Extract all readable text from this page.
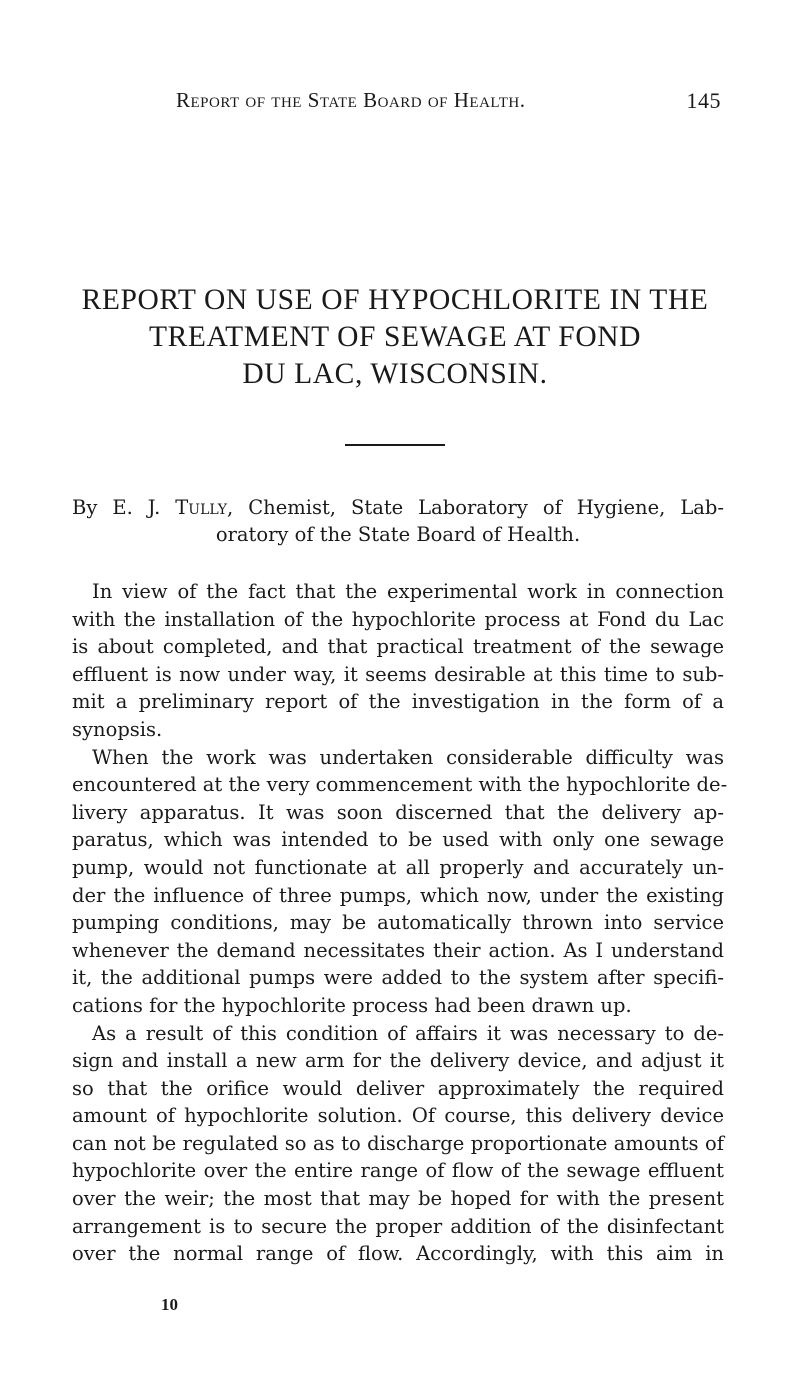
Report of the State Board of Health.	145
REPORT ON USE OF HYPOCHLORITE IN THE
TREATMENT OF SEWAGE AT FOND
DU LAC, WISCONSIN.
By E. J. Tully, Chemist, State Laboratory of Hygiene, Lab-
oratory of the State Board of Health.
In view of the fact that the experimental work in connection
with the installation of the hypochlorite process at Fond du Lac
is about completed, and that practical treatment of the sewage
effluent is now under way, it seems desirable at this time to sub-
mit a preliminary report of the investigation in the form of a
synopsis.
When the work was undertaken considerable difficulty was
encountered at the very commencement with the hypochlorite de-
livery apparatus. It was soon discerned that the delivery ap-
paratus, which was intended to be used with only one sewage
pump, would not functionate at all properly and accurately un-
der the influence of three pumps, which now, under the existing
pumping conditions, may be automatically thrown into service
whenever the demand necessitates their action. As I understand
it, the additional pumps were added to the system after specifi-
cations for the hypochlorite process had been drawn up.
As a result of this condition of affairs it was necessary to de-
sign and install a new arm for the delivery device, and adjust it
so that the orifice would deliver approximately the required
amount of hypochlorite solution. Of course, this delivery device
can not be regulated so as to discharge proportionate amounts of
hypochlorite over the entire range of flow of the sewage effluent
over the weir; the most that may be hoped for with the present
arrangement is to secure the proper addition of the disinfectant
over the normal range of flow. Accordingly, with this aim in
10
